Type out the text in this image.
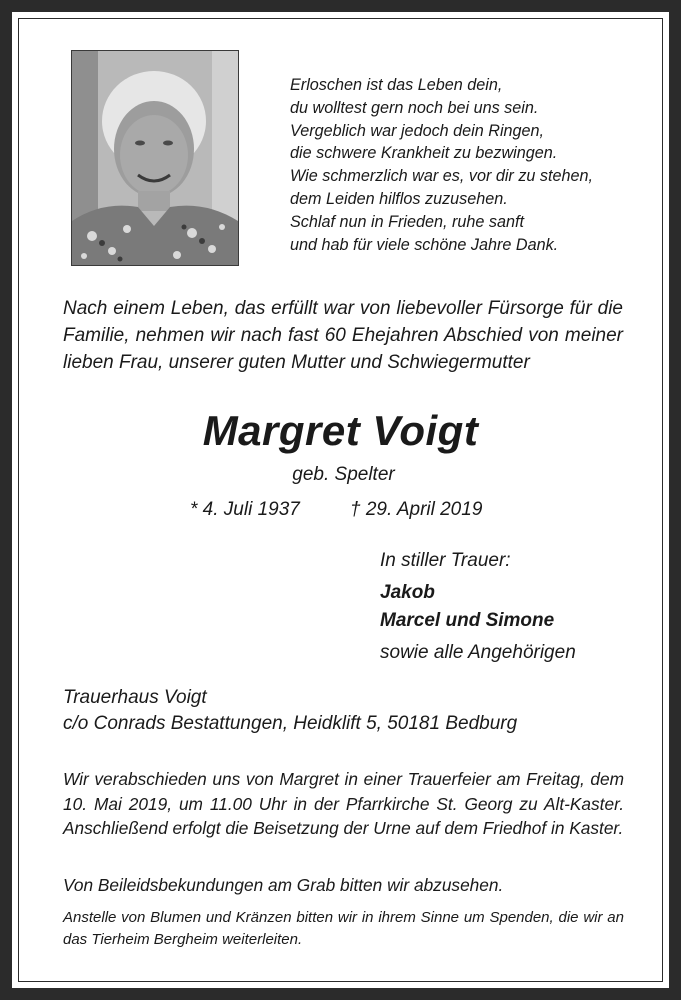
Erloschen ist das Leben dein,
du wolltest gern noch bei uns sein.
Vergeblich war jedoch dein Ringen,
die schwere Krankheit zu bezwingen.
Wie schmerzlich war es, vor dir zu stehen,
dem Leiden hilflos zuzusehen.
Schlaf nun in Frieden, ruhe sanft
und hab für viele schöne Jahre Dank.
Nach einem Leben, das erfüllt war von liebevoller Fürsorge für die Familie, nehmen wir nach fast 60 Ehejahren Abschied von meiner lieben Frau, unserer guten Mutter und Schwiegermutter
Margret Voigt
geb. Spelter
* 4. Juli 1937	† 29. April 2019
In stiller Trauer:
Jakob
Marcel und Simone
sowie alle Angehörigen
Trauerhaus Voigt
c/o Conrads Bestattungen, Heidklift 5, 50181 Bedburg
Wir verabschieden uns von Margret in einer Trauerfeier am Freitag, dem 10. Mai 2019, um 11.00 Uhr in der Pfarrkirche St. Georg zu Alt-Kaster. Anschließend erfolgt die Beisetzung der Urne auf dem Friedhof in Kaster.
Von Beileidsbekundungen am Grab bitten wir abzusehen.
Anstelle von Blumen und Kränzen bitten wir in ihrem Sinne um Spenden, die wir an das Tierheim Bergheim weiterleiten.
